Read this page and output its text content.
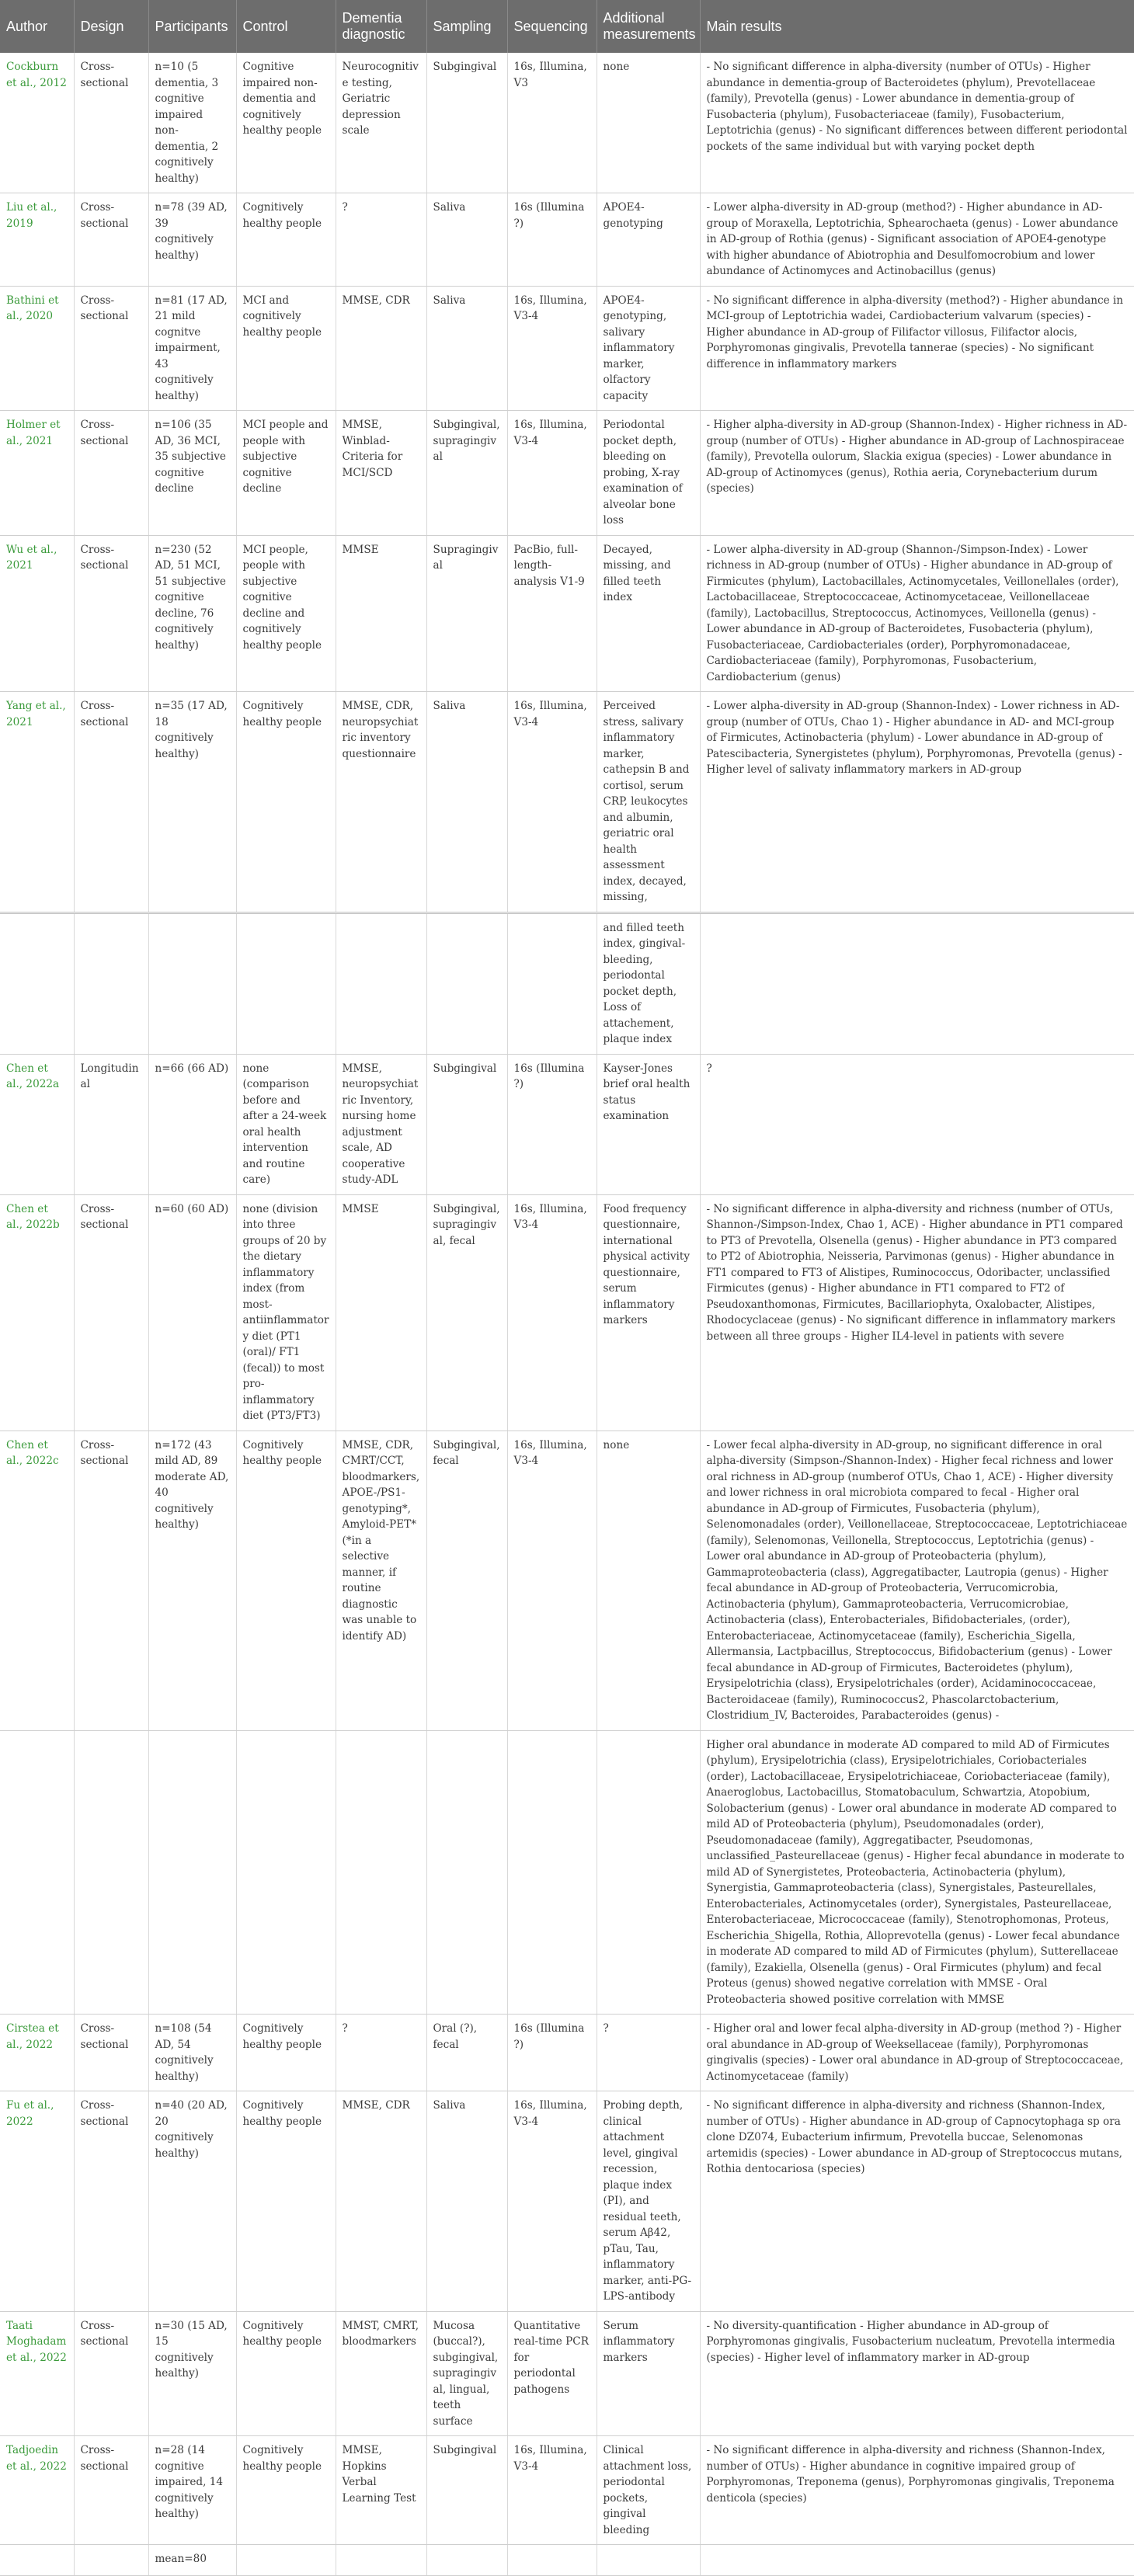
Author	Design	Participants	Control	Dementia diagnostic	Sampling	Sequencing	Additional measurements	Main results
Cockburn et al., 2012	Cross-sectional	n=10 (5 dementia, 3 cognitive impaired non-dementia, 2 cognitively healthy)	Cognitive impaired non-dementia and cognitively healthy people	Neurocognitive testing, Geriatric depression scale	Subgingival	16s, Illumina, V3	none	- No significant difference in alpha-diversity (number of OTUs) - Higher abundance in dementia-group of Bacteroidetes (phylum), Prevotellaceae (family), Prevotella (genus) - Lower abundance in dementia-group of Fusobacteria (phylum), Fusobacteriaceae (family), Fusobacterium, Leptotrichia (genus) - No significant differences between different periodontal pockets of the same individual but with varying pocket depth
Liu et al., 2019	Cross-sectional	n=78 (39 AD, 39 cognitively healthy)	Cognitively healthy people	?	Saliva	16s (Illumina ?)	APOE4-genotyping	- Lower alpha-diversity in AD-group (method?) - Higher abundance in AD-group of Moraxella, Leptotrichia, Sphearochaeta (genus) - Lower abundance in AD-group of Rothia (genus) - Significant association of APOE4-genotype with higher abundance of Abiotrophia and Desulfomocrobium and lower abundance of Actinomyces and Actinobacillus (genus)
Bathini et al., 2020	Cross-sectional	n=81 (17 AD, 21 mild cognitve impairment, 43 cognitively healthy)	MCI and cognitively healthy people	MMSE, CDR	Saliva	16s, Illumina, V3-4	APOE4-genotyping, salivary inflammatory marker, olfactory capacity	- No significant difference in alpha-diversity (method?) - Higher abundance in MCI-group of Leptotrichia wadei, Cardiobacterium valvarum (species) - Higher abundance in AD-group of Filifactor villosus, Filifactor alocis, Porphyromonas gingivalis, Prevotella tannerae (species) - No significant difference in inflammatory markers
Holmer et al., 2021	Cross-sectional	n=106 (35 AD, 36 MCI, 35 subjective cognitive decline	MCI people and people with subjective cognitive decline	MMSE, Winblad-Criteria for MCI/SCD	Subgingival, supragingival	16s, Illumina, V3-4	Periodontal pocket depth, bleeding on probing, X-ray examination of alveolar bone loss	- Higher alpha-diversity in AD-group (Shannon-Index) - Higher richness in AD-group (number of OTUs) - Higher abundance in AD-group of Lachnospiraceae (family), Prevotella oulorum, Slackia exigua (species) - Lower abundance in AD-group of Actinomyces (genus), Rothia aeria, Corynebacterium durum (species)
Wu et al., 2021	Cross-sectional	n=230 (52 AD, 51 MCI, 51 subjective cognitive decline, 76 cognitively healthy)	MCI people, people with subjective cognitive decline and cognitively healthy people	MMSE	Supragingival	PacBio, full-length-analysis V1-9	Decayed, missing, and filled teeth index	- Lower alpha-diversity in AD-group (Shannon-/Simpson-Index) - Lower richness in AD-group (number of OTUs) - Higher abundance in AD-group of Firmicutes (phylum), Lactobacillales, Actinomycetales, Veillonellales (order), Lactobacillaceae, Streptococcaceae, Actinomycetaceae, Veillonellaceae (family), Lactobacillus, Streptococcus, Actinomyces, Veillonella (genus) - Lower abundance in AD-group of Bacteroidetes, Fusobacteria (phylum), Fusobacteriaceae, Cardiobacteriales (order), Porphyromonadaceae, Cardiobacteriaceae (family), Porphyromonas, Fusobacterium, Cardiobacterium (genus)
Yang et al., 2021	Cross-sectional	n=35 (17 AD, 18 cognitively healthy)	Cognitively healthy people	MMSE, CDR, neuropsychiatric inventory questionnaire	Saliva	16s, Illumina, V3-4	Perceived stress, salivary inflammatory marker, cathepsin B and cortisol, serum CRP, leukocytes and albumin, geriatric oral health assessment index, decayed, missing,	- Lower alpha-diversity in AD-group (Shannon-Index) - Lower richness in AD-group (number of OTUs, Chao 1) - Higher abundance in AD- and MCI-group of Firmicutes, Actinobacteria (phylum) - Lower abundance in AD-group of Patescibacteria, Synergistetes (phylum), Porphyromonas, Prevotella (genus) - Higher level of salivaty inflammatory markers in AD-group
							and filled teeth index, gingival-bleeding, periodontal pocket depth, Loss of attachement, plaque index	
Chen et al., 2022a	Longitudinal	n=66 (66 AD)	none (comparison before and after a 24-week oral health intervention and routine care)	MMSE, neuropsychiatric Inventory, nursing home adjustment scale, AD cooperative study-ADL	Subgingival	16s (Illumina ?)	Kayser-Jones brief oral health status examination	?
Chen et al., 2022b	Cross-sectional	n=60 (60 AD)	none (division into three groups of 20 by the dietary inflammatory index (from most-antiinflammatory diet (PT1 (oral)/ FT1 (fecal)) to most pro-inflammatory diet (PT3/FT3)	MMSE	Subgingival, supragingival, fecal	16s, Illumina, V3-4	Food frequency questionnaire, international physical activity questionnaire, serum inflammatory markers	- No significant difference in alpha-diversity and richness (number of OTUs, Shannon-/Simpson-Index, Chao 1, ACE) - Higher abundance in PT1 compared to PT3 of Prevotella, Olsenella (genus) - Higher abundance in PT3 compared to PT2 of Abiotrophia, Neisseria, Parvimonas (genus) - Higher abundance in FT1 compared to FT3 of Alistipes, Ruminococcus, Odoribacter, unclassified Firmicutes (genus) - Higher abundance in FT1 compared to FT2 of Pseudoxanthomonas, Firmicutes, Bacillariophyta, Oxalobacter, Alistipes, Rhodocyclaceae (genus) - No significant difference in inflammatory markers between all three groups - Higher IL4-level in patients with severe
Chen et al., 2022c	Cross-sectional	n=172 (43 mild AD, 89 moderate AD, 40 cognitively healthy)	Cognitively healthy people	MMSE, CDR, CMRT/CCT, bloodmarkers, APOE-/PS1-genotyping*, Amyloid-PET* (*in a selective manner, if routine diagnostic was unable to identify AD)	Subgingival, fecal	16s, Illumina, V3-4	none	- Lower fecal alpha-diversity in AD-group, no significant difference in oral alpha-diversity (Simpson-/Shannon-Index) - Higher fecal richness and lower oral richness in AD-group (numberof OTUs, Chao 1, ACE) - Higher diversity and lower richness in oral microbiota compared to fecal - Higher oral abundance in AD-group of Firmicutes, Fusobacteria (phylum), Selenomonadales (order), Veillonellaceae, Streptococcaceae, Leptotrichiaceae (family), Selenomonas, Veillonella, Streptococcus, Leptotrichia (genus) - Lower oral abundance in AD-group of Proteobacteria (phylum), Gammaproteobacteria (class), Aggregatibacter, Lautropia (genus) - Higher fecal abundance in AD-group of Proteobacteria, Verrucomicrobia, Actinobacteria (phylum), Gammaproteobacteria, Verrucomicrobiae, Actinobacteria (class), Enterobacteriales, Bifidobacteriales, (order), Enterobacteriaceae, Actinomycetaceae (family), Escherichia_Sigella, Allermansia, Lactpbacillus, Streptococcus, Bifidobacterium (genus) - Lower fecal abundance in AD-group of Firmicutes, Bacteroidetes (phylum), Erysipelotrichia (class), Erysipelotrichales (order), Acidaminococcaceae, Bacteroidaceae (family), Ruminococcus2, Phascolarctobacterium, Clostridium_IV, Bacteroides, Parabacteroides (genus) -
								Higher oral abundance in moderate AD compared to mild AD of Firmicutes (phylum), Erysipelotrichia (class), Erysipelotrichiales, Coriobacteriales (order), Lactobacillaceae, Erysipelotrichiaceae, Coriobacteriaceae (family), Anaeroglobus, Lactobacillus, Stomatobaculum, Schwartzia, Atopobium, Solobacterium (genus) - Lower oral abundance in moderate AD compared to mild AD of Proteobacteria (phylum), Pseudomonadales (order), Pseudomonadaceae (family), Aggregatibacter, Pseudomonas, unclassified_Pasteurellaceae (genus) - Higher fecal abundance in moderate to mild AD of Synergistetes, Proteobacteria, Actinobacteria (phylum), Synergistia, Gammaproteobacteria (class), Synergistales, Pasteurellales, Enterobacteriales, Actinomycetales (order), Synergistales, Pasteurellaceae, Enterobacteriaceae, Micrococcaceae (family), Stenotrophomonas, Proteus, Escherichia_Shigella, Rothia, Alloprevotella (genus) - Lower fecal abundance in moderate AD compared to mild AD of Firmicutes (phylum), Sutterellaceae (family), Ezakiella, Olsenella (genus) - Oral Firmicutes (phylum) and fecal Proteus (genus) showed negative correlation with MMSE - Oral Proteobacteria showed positive correlation with MMSE
Cirstea et al., 2022	Cross-sectional	n=108 (54 AD, 54 cognitively healthy)	Cognitively healthy people	?	Oral (?), fecal	16s (Illumina ?)	?	- Higher oral and lower fecal alpha-diversity in AD-group (method ?) - Higher oral abundance in AD-group of Weeksellaceae (family), Porphyromonas gingivalis (species) - Lower oral abundance in AD-group of Streptococcaceae, Actinomycetaceae (family)
Fu et al., 2022	Cross-sectional	n=40 (20 AD, 20 cognitively healthy)	Cognitively healthy people	MMSE, CDR	Saliva	16s, Illumina, V3-4	Probing depth, clinical attachment level, gingival recession, plaque index (PI), and residual teeth, serum Aβ42, pTau, Tau, inflammatory marker, anti-PG-LPS-antibody	- No significant difference in alpha-diversity and richness (Shannon-Index, number of OTUs) - Higher abundance in AD-group of Capnocytophaga sp ora clone DZ074, Eubacterium infirmum, Prevotella buccae, Selenomonas artemidis (species) - Lower abundance in AD-group of Streptococcus mutans, Rothia dentocariosa (species)
Taati Moghadam et al., 2022	Cross-sectional	n=30 (15 AD, 15 cognitively healthy)	Cognitively healthy people	MMST, CMRT, bloodmarkers	Mucosa (buccal?), subgingival, supragingival, lingual, teeth surface	Quantitative real-time PCR for periodontal pathogens	Serum inflammatory markers	- No diversity-quantification - Higher abundance in AD-group of Porphyromonas gingivalis, Fusobacterium nucleatum, Prevotella intermedia (species) - Higher level of inflammatory marker in AD-group
Tadjoedin et al., 2022	Cross-sectional	n=28 (14 cognitive impaired, 14 cognitively healthy)	Cognitively healthy people	MMSE, Hopkins Verbal Learning Test	Subgingival	16s, Illumina, V3-4	Clinical attachment loss, periodontal pockets, gingival bleeding	- No significant difference in alpha-diversity and richness (Shannon-Index, number of OTUs) - Higher abundance in cognitive impaired group of Porphyromonas, Treponema (genus), Porphyromonas gingivalis, Treponema denticola (species)
		mean=80						
